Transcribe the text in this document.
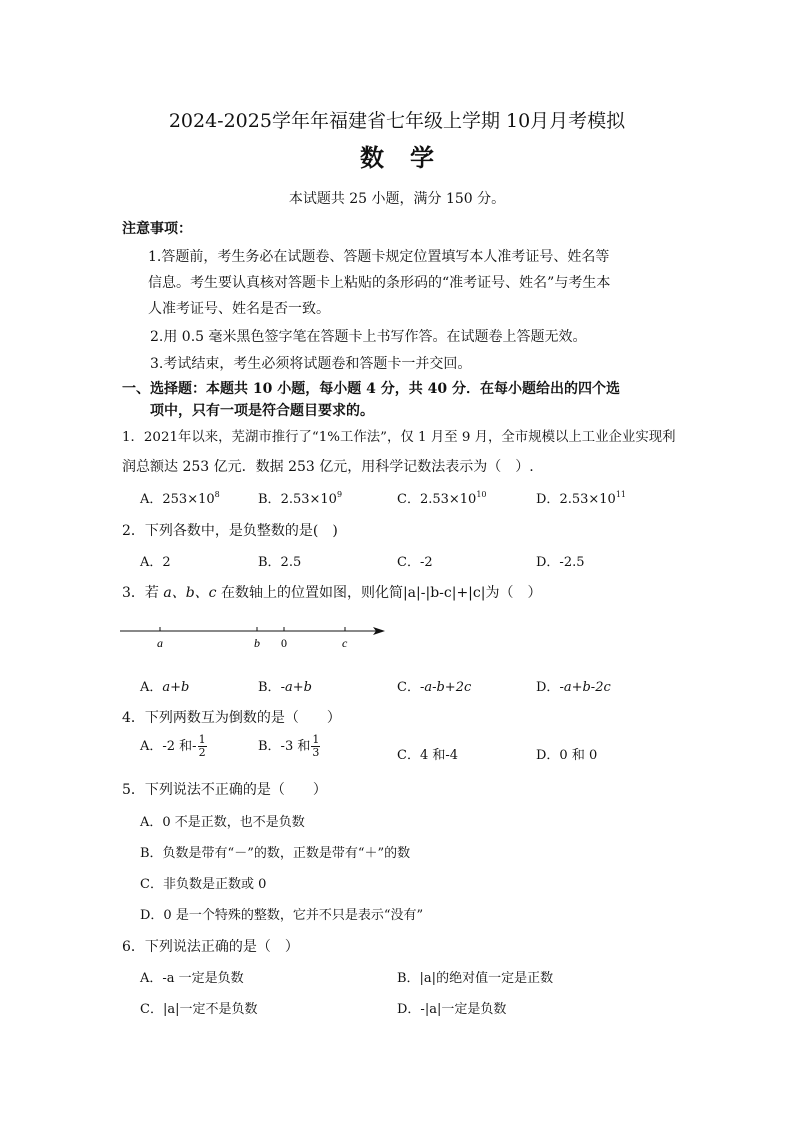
2024-2025学年年福建省七年级上学期 10月月考模拟
数学
本试题共 25 小题，满分 150 分。
注意事项：
1.答题前，考生务必在试题卷、答题卡规定位置填写本人准考证号、姓名等
信息。考生要认真核对答题卡上粘贴的条形码的“准考证号、姓名”与考生本
人准考证号、姓名是否一致。
2.用 0.5 毫米黑色签字笔在答题卡上书写作答。在试题卷上答题无效。
3.考试结束，考生必须将试题卷和答题卡一并交回。
一、选择题：本题共 10 小题，每小题 4 分，共 40 分．在每小题给出的四个选
项中，只有一项是符合题目要求的。
1．2021年以来，芜湖市推行了“1%工作法”，仅 1 月至 9 月，全市规模以上工业企业实现利
润总额达 253 亿元．数据 253 亿元，用科学记数法表示为（　）.
A．$253\times 10^8$	B．$2.53\times 10^9$	C．$2.53\times 10^{10}$	D．$2.53\times 10^{11}$
2．下列各数中，是负整数的是(　)
A．2	B．2.5	C．-2	D．-2.5
3．若 a、b、c 在数轴上的位置如图，则化简|a|-|b-c|+|c|为（　）
a	b 0	c
A．a+b	B．-a+b	C．-a-b+2c	D．-a+b-2c
4．下列两数互为倒数的是（　　）
A．-2 和- $\frac{1}{2}$	B．-3 和 $\frac{1}{3}$	C．4 和-4	D．0 和 0
5．下列说法不正确的是（　　）
A．0 不是正数，也不是负数
B．负数是带有“－”的数，正数是带有“＋”的数
C．非负数是正数或 0
D．0 是一个特殊的整数，它并不只是表示“没有”
6．下列说法正确的是（　）
A．-a 一定是负数	B．|a|的绝对值一定是正数
C．|a|一定不是负数	D．-|a|一定是负数
